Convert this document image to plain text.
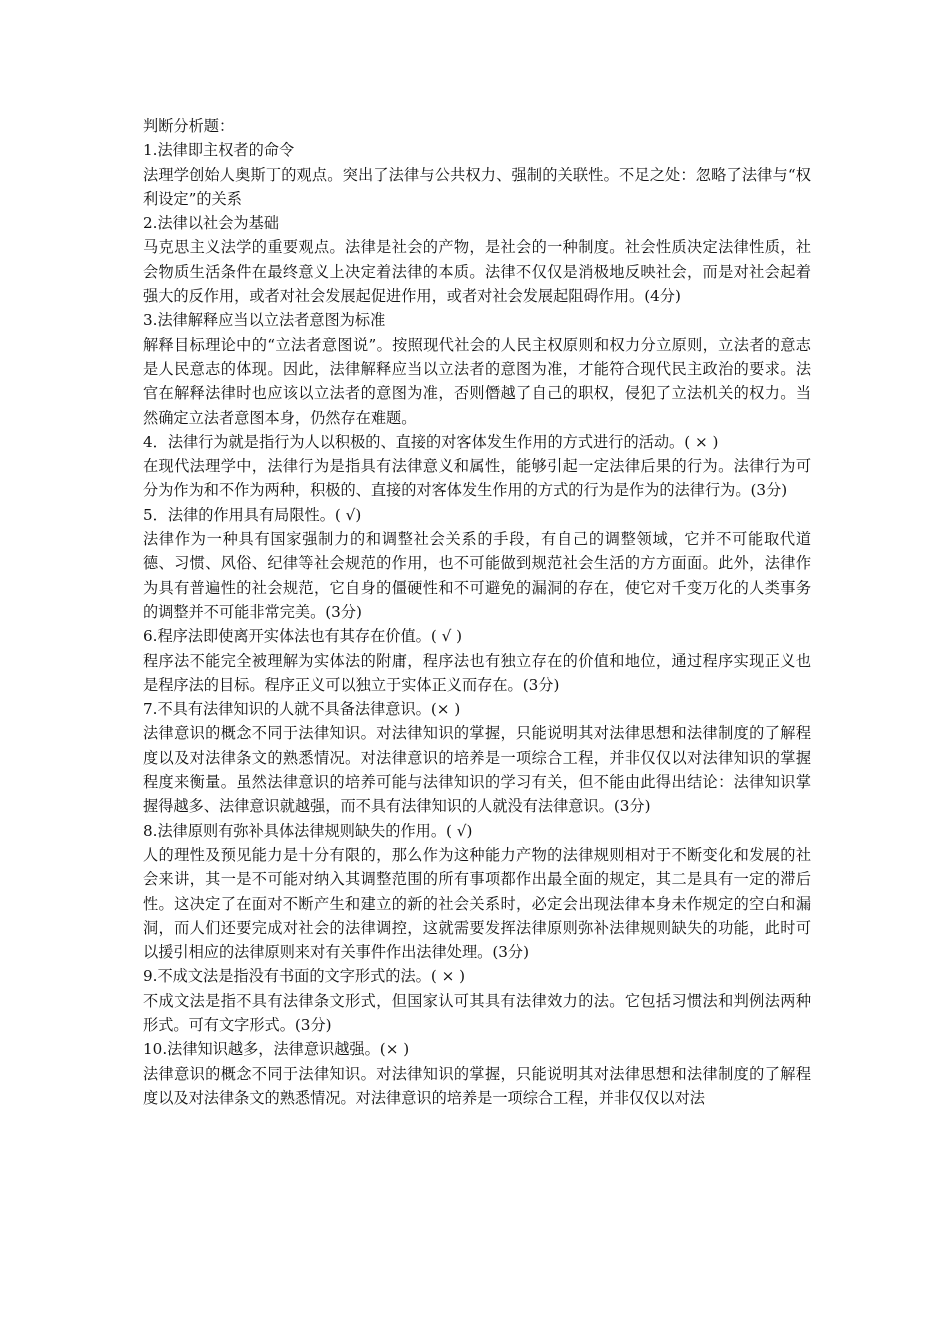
判断分析题：

1.法律即主权者的命令

法理学创始人奥斯丁的观点。突出了法律与公共权力、强制的关联性。不足之处：忽略了法律与“权利设定”的关系

2.法律以社会为基础

马克思主义法学的重要观点。法律是社会的产物，是社会的一种制度。社会性质决定法律性质，社会物质生活条件在最终意义上决定着法律的本质。法律不仅仅是消极地反映社会，而是对社会起着强大的反作用，或者对社会发展起促进作用，或者对社会发展起阻碍作用。(4分)

3.法律解释应当以立法者意图为标准

解释目标理论中的“立法者意图说”。按照现代社会的人民主权原则和权力分立原则，立法者的意志是人民意志的体现。因此，法律解释应当以立法者的意图为准，才能符合现代民主政治的要求。法官在解释法律时也应该以立法者的意图为准，否则僭越了自己的职权，侵犯了立法机关的权力。当然确定立法者意图本身，仍然存在难题。

4．法律行为就是指行为人以积极的、直接的对客体发生作用的方式进行的活动。( × )

在现代法理学中，法律行为是指具有法律意义和属性，能够引起一定法律后果的行为。法律行为可分为作为和不作为两种，积极的、直接的对客体发生作用的方式的行为是作为的法律行为。(3分)

5．法律的作用具有局限性。( √)

法律作为一种具有国家强制力的和调整社会关系的手段，有自己的调整领域，它并不可能取代道德、习惯、风俗、纪律等社会规范的作用，也不可能做到规范社会生活的方方面面。此外，法律作为具有普遍性的社会规范，它自身的僵硬性和不可避免的漏洞的存在，使它对千变万化的人类事务的调整并不可能非常完美。(3分)

6.程序法即使离开实体法也有其存在价值。( √ )

程序法不能完全被理解为实体法的附庸，程序法也有独立存在的价值和地位，通过程序实现正义也是程序法的目标。程序正义可以独立于实体正义而存在。(3分)

7.不具有法律知识的人就不具备法律意识。(× )

法律意识的概念不同于法律知识。对法律知识的掌握，只能说明其对法律思想和法律制度的了解程度以及对法律条文的熟悉情况。对法律意识的培养是一项综合工程，并非仅仅以对法律知识的掌握程度来衡量。虽然法律意识的培养可能与法律知识的学习有关，但不能由此得出结论：法律知识掌握得越多、法律意识就越强，而不具有法律知识的人就没有法律意识。(3分)

8.法律原则有弥补具体法律规则缺失的作用。( √)

人的理性及预见能力是十分有限的，那么作为这种能力产物的法律规则相对于不断变化和发展的社会来讲，其一是不可能对纳入其调整范围的所有事项都作出最全面的规定，其二是具有一定的滞后性。这决定了在面对不断产生和建立的新的社会关系时，必定会出现法律本身未作规定的空白和漏洞，而人们还要完成对社会的法律调控，这就需要发挥法律原则弥补法律规则缺失的功能，此时可以援引相应的法律原则来对有关事件作出法律处理。(3分)

9.不成文法是指没有书面的文字形式的法。( × )

不成文法是指不具有法律条文形式，但国家认可其具有法律效力的法。它包括习惯法和判例法两种形式。可有文字形式。(3分)

10.法律知识越多，法律意识越强。(× )

法律意识的概念不同于法律知识。对法律知识的掌握，只能说明其对法律思想和法律制度的了解程度以及对法律条文的熟悉情况。对法律意识的培养是一项综合工程，并非仅仅以对法
